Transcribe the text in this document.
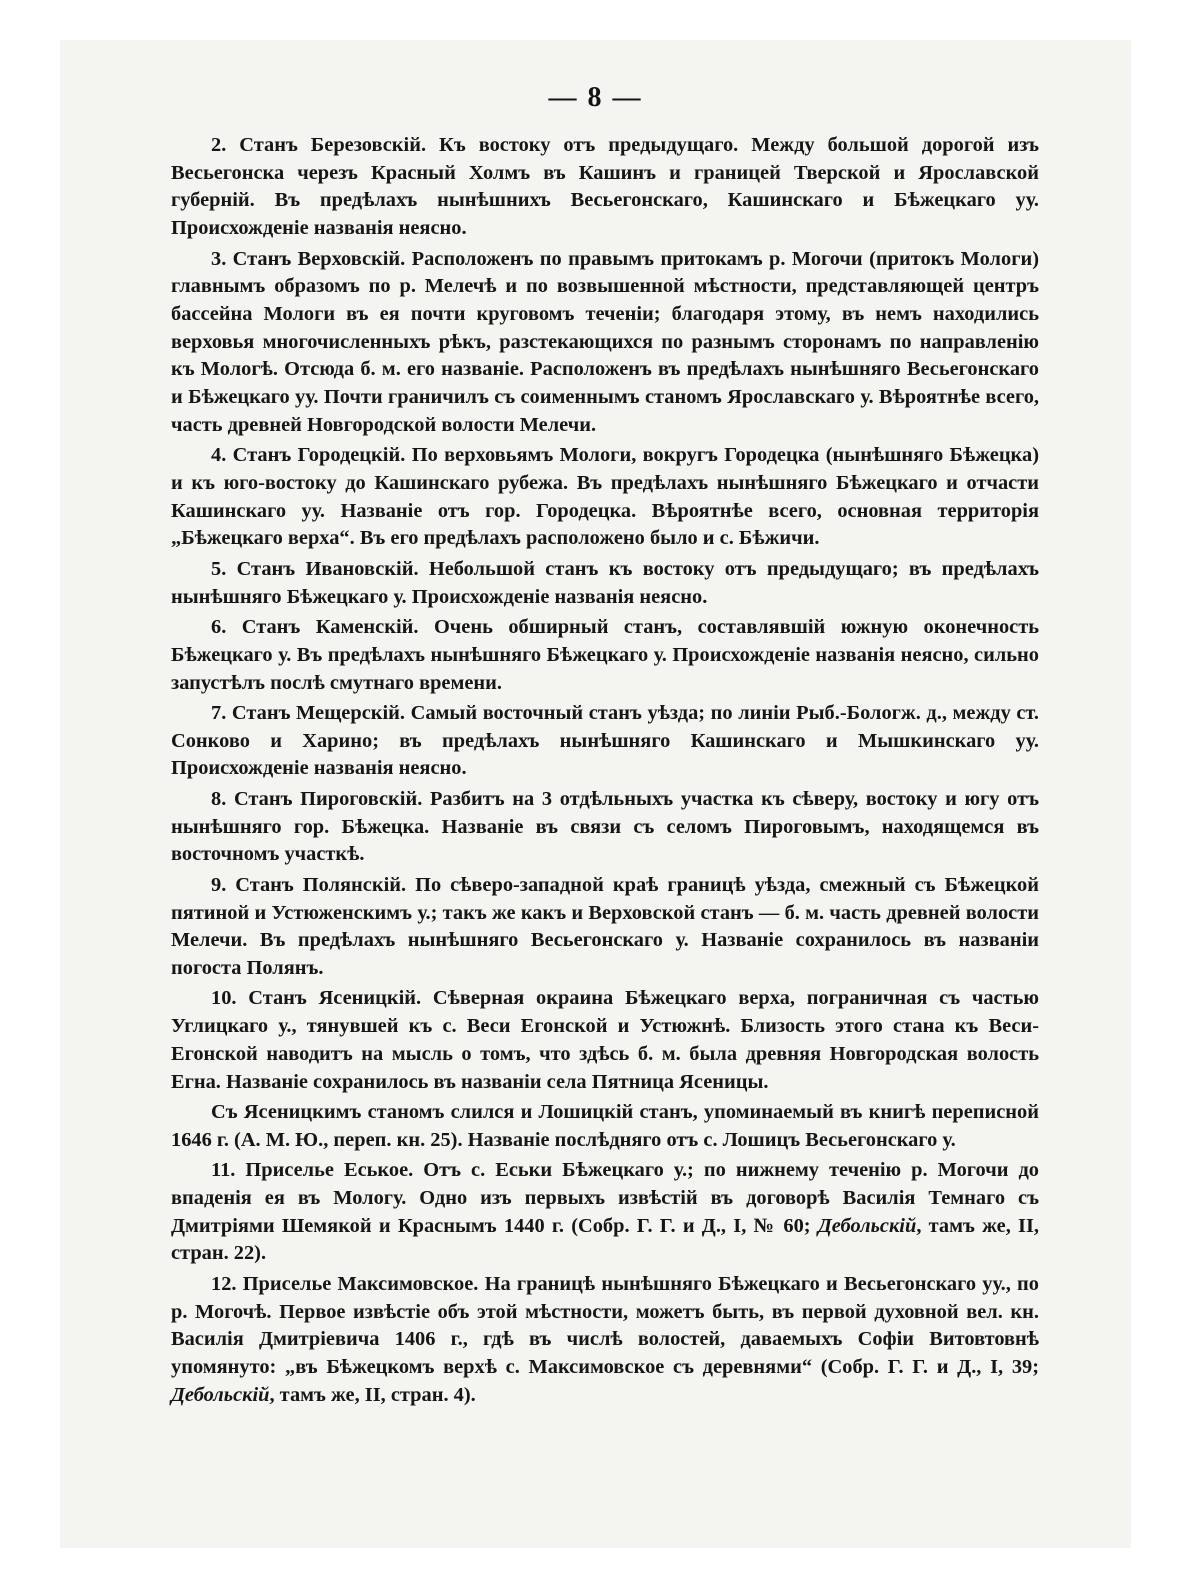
— 8 —

2. Станъ Березовскій. Къ востоку отъ предыдущаго. Между большой дорогой изъ Весьегонска черезъ Красный Холмъ въ Кашинъ и границей Тверской и Ярославской губерній. Въ предѣлахъ нынѣшнихъ Весьегонскаго, Кашинскаго и Бѣжецкаго уу. Происхожденіе названія неясно.

3. Станъ Верховскій. Расположенъ по правымъ притокамъ р. Могочи (притокъ Мологи) главнымъ образомъ по р. Мелечѣ и по возвышенной мѣстности, представляющей центръ бассейна Мологи въ ея почти круговомъ теченіи; благодаря этому, въ немъ находились верховья многочисленныхъ рѣкъ, разстекающихся по разнымъ сторонамъ по направленію къ Мологѣ. Отсюда б. м. его названіе. Расположенъ въ предѣлахъ нынѣшняго Весьегонскаго и Бѣжецкаго уу. Почти граничилъ съ соименнымъ станомъ Ярославскаго у. Вѣроятнѣе всего, часть древней Новгородской волости Мелечи.

4. Станъ Городецкій. По верховьямъ Мологи, вокругъ Городецка (нынѣшняго Бѣжецка) и къ юго-востоку до Кашинскаго рубежа. Въ предѣлахъ нынѣшняго Бѣжецкаго и отчасти Кашинскаго уу. Названіе отъ гор. Городецка. Вѣроятнѣе всего, основная территорія „Бѣжецкаго верха“. Въ его предѣлахъ расположено было и с. Бѣжичи.

5. Станъ Ивановскій. Небольшой станъ къ востоку отъ предыдущаго; въ предѣлахъ нынѣшняго Бѣжецкаго у. Происхожденіе названія неясно.

6. Станъ Каменскій. Очень обширный станъ, составлявшій южную оконечность Бѣжецкаго у. Въ предѣлахъ нынѣшняго Бѣжецкаго у. Происхожденіе названія неясно, сильно запустѣлъ послѣ смутнаго времени.

7. Станъ Мещерскій. Самый восточный станъ уѣзда; по линіи Рыб.-Бологж. д., между ст. Сонково и Харино; въ предѣлахъ нынѣшняго Кашинскаго и Мышкинскаго уу. Происхожденіе названія неясно.

8. Станъ Пироговскій. Разбитъ на 3 отдѣльныхъ участка къ сѣверу, востоку и югу отъ нынѣшняго гор. Бѣжецка. Названіе въ связи съ селомъ Пироговымъ, находящемся въ восточномъ участкѣ.

9. Станъ Полянскій. По сѣверо-западной краѣ границѣ уѣзда, смежный съ Бѣжецкой пятиной и Устюженскимъ у.; такъ же какъ и Верховской станъ — б. м. часть древней волости Мелечи. Въ предѣлахъ нынѣшняго Весьегонскаго у. Названіе сохранилось въ названіи погоста Полянъ.

10. Станъ Ясеницкій. Сѣверная окраина Бѣжецкаго верха, пограничная съ частью Углицкаго у., тянувшей къ с. Веси Егонской и Устюжнѣ. Близость этого стана къ Веси-Егонской наводитъ на мысль о томъ, что здѣсь б. м. была древняя Новгородская волость Егна. Названіе сохранилось въ названіи села Пятница Ясеницы.

Съ Ясеницкимъ станомъ слился и Лошицкій станъ, упоминаемый въ книгѣ переписной 1646 г. (А. М. Ю., переп. кн. 25). Названіе послѣдняго отъ с. Лошицъ Весьегонскаго у.

11. Приселье Еськое. Отъ с. Еськи Бѣжецкаго у.; по нижнему теченію р. Могочи до впаденія ея въ Мологу. Одно изъ первыхъ извѣстій въ договорѣ Василія Темнаго съ Дмитріями Шемякой и Краснымъ 1440 г. (Собр. Г. Г. и Д., I, № 60; Дебольскій, тамъ же, II, стран. 22).

12. Приселье Максимовское. На границѣ нынѣшняго Бѣжецкаго и Весьегонскаго уу., по р. Могочѣ. Первое извѣстіе объ этой мѣстности, можетъ быть, въ первой духовной вел. кн. Василія Дмитріевича 1406 г., гдѣ въ числѣ волостей, даваемыхъ Софіи Витовтовнѣ упомянуто: „въ Бѣжецкомъ верхѣ с. Максимовское съ деревнями“ (Собр. Г. Г. и Д., I, 39; Дебольскій, тамъ же, II, стран. 4).
